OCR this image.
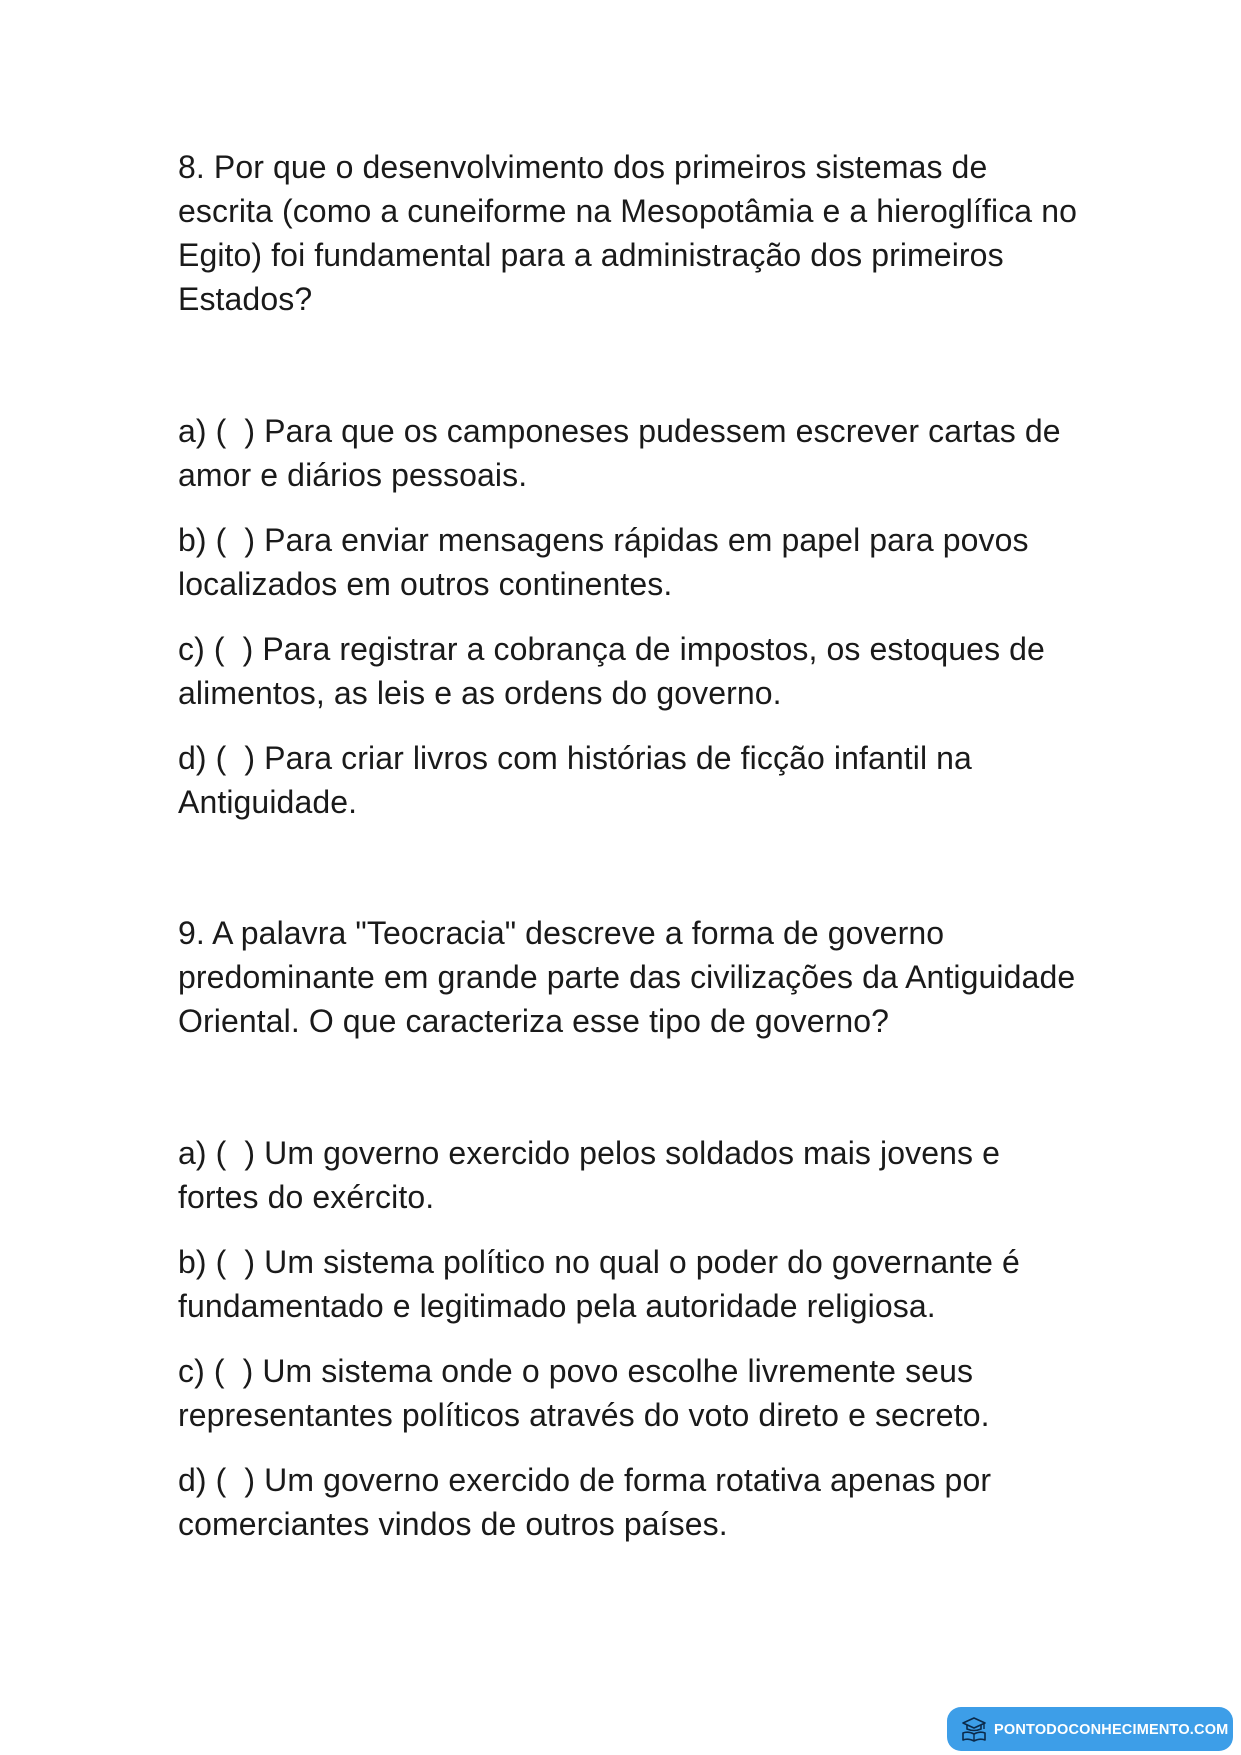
8. Por que o desenvolvimento dos primeiros sistemas de escrita (como a cuneiforme na Mesopotâmia e a hieroglífica no Egito) foi fundamental para a administração dos primeiros Estados?

a) (  ) Para que os camponeses pudessem escrever cartas de amor e diários pessoais.
b) (  ) Para enviar mensagens rápidas em papel para povos localizados em outros continentes.
c) (  ) Para registrar a cobrança de impostos, os estoques de alimentos, as leis e as ordens do governo.
d) (  ) Para criar livros com histórias de ficção infantil na Antiguidade.

9. A palavra "Teocracia" descreve a forma de governo predominante em grande parte das civilizações da Antiguidade Oriental. O que caracteriza esse tipo de governo?

a) (  ) Um governo exercido pelos soldados mais jovens e fortes do exército.
b) (  ) Um sistema político no qual o poder do governante é fundamentado e legitimado pela autoridade religiosa.
c) (  ) Um sistema onde o povo escolhe livremente seus representantes políticos através do voto direto e secreto.
d) (  ) Um governo exercido de forma rotativa apenas por comerciantes vindos de outros países.
PONTODOCONHECIMENTO.COM
